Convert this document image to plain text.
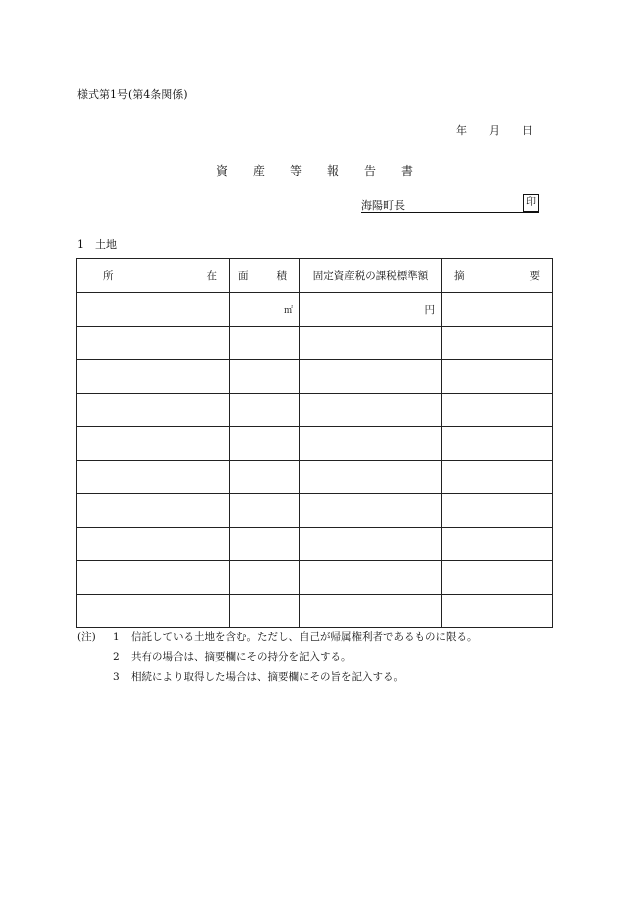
様式第1号(第4条関係)
年 月 日
資 産 等 報 告 書
海陽町長	印
1　土地
所 在	面 積	固定資産税の課税標準額	摘 要

	㎡	円	

(注)	1	信託している土地を含む。ただし、自己が帰属権利者であるものに限る。
2	共有の場合は、摘要欄にその持分を記入する。
3	相続により取得した場合は、摘要欄にその旨を記入する。
